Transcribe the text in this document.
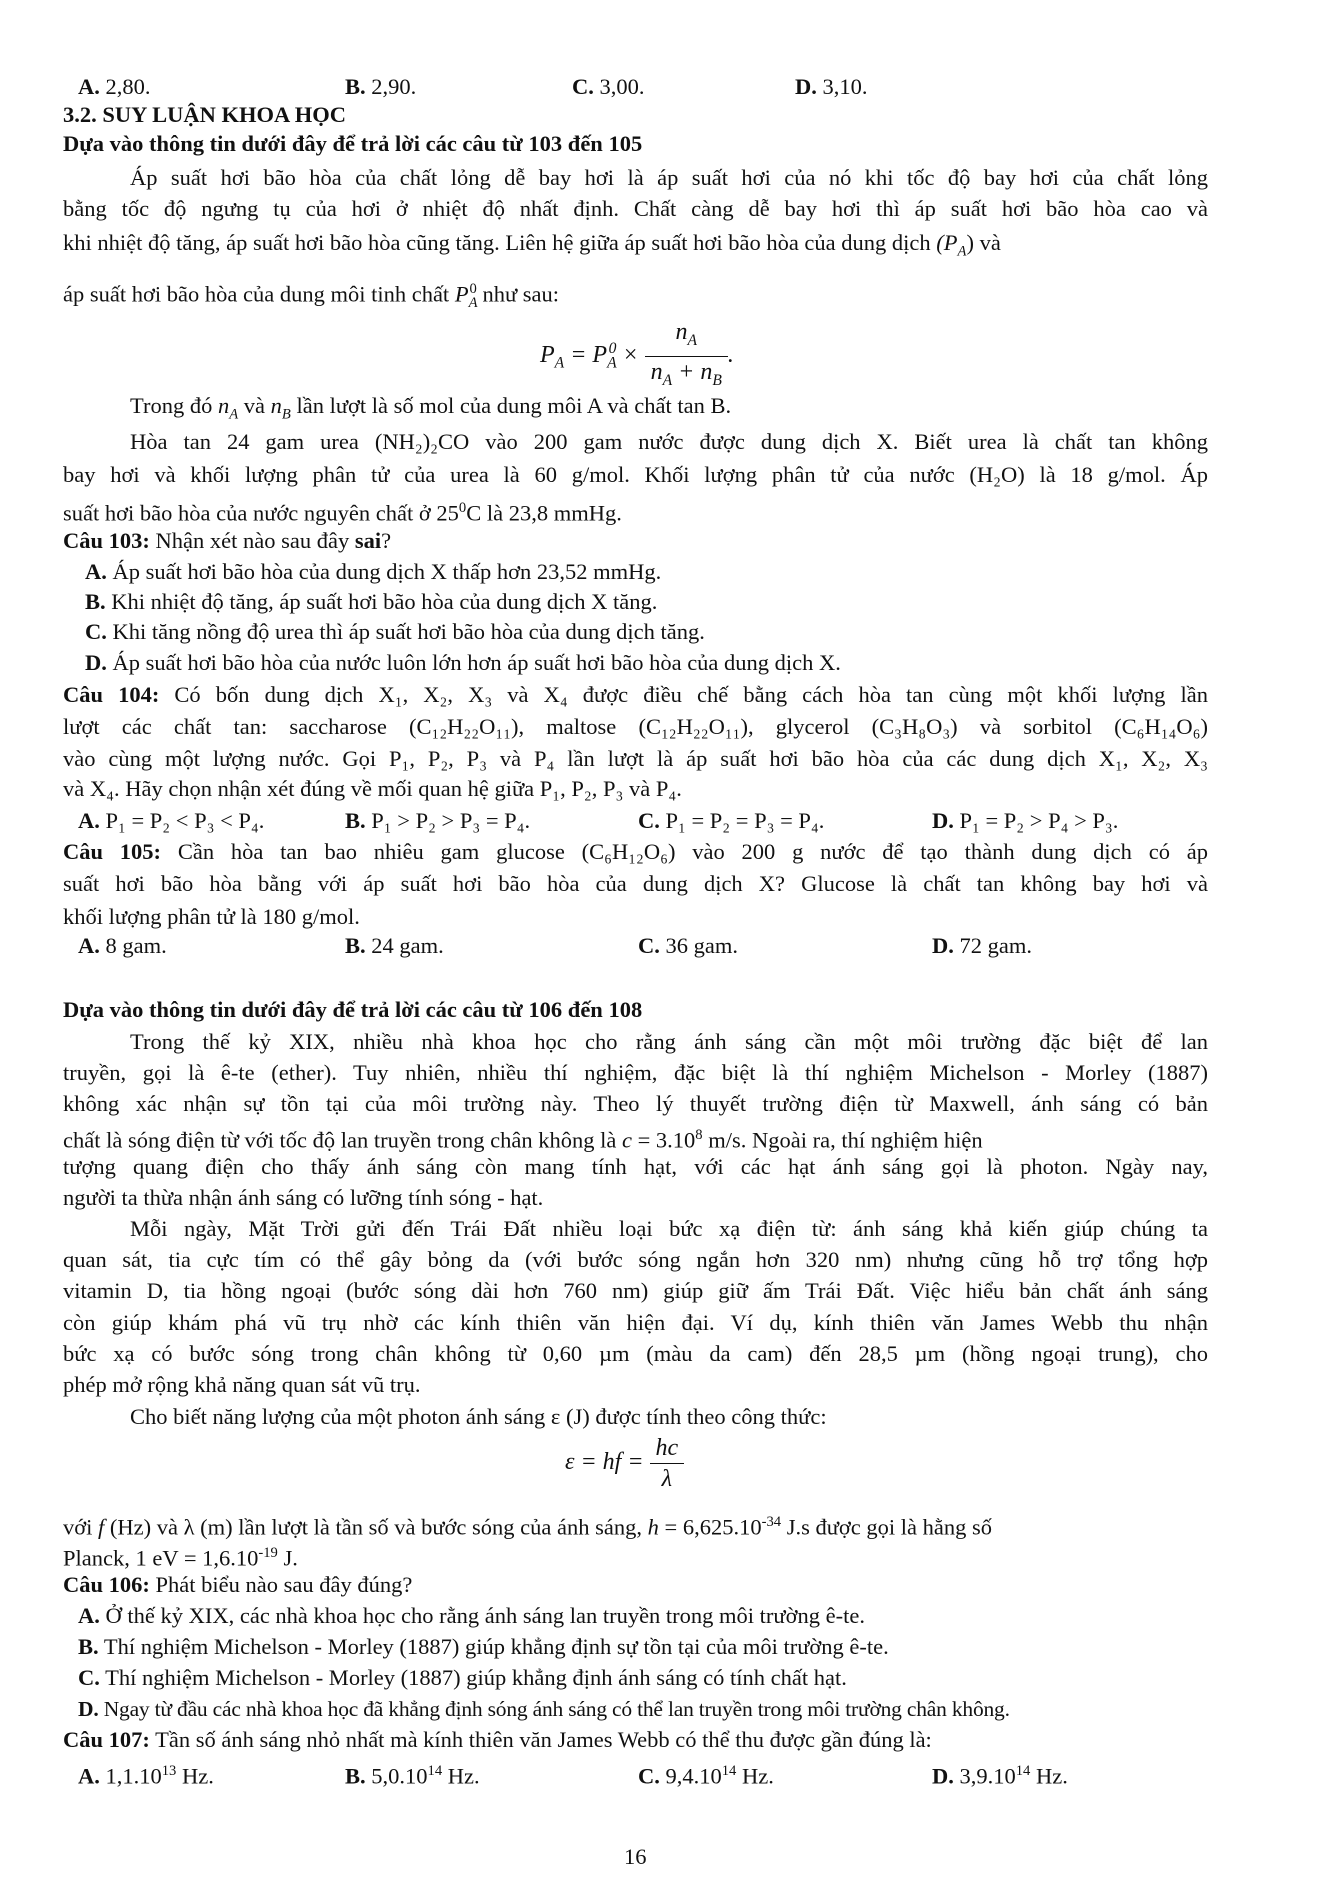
A. 2,80.	B. 2,90.	C. 3,00.	D. 3,10.
3.2. SUY LUẬN KHOA HỌC
Dựa vào thông tin dưới đây để trả lời các câu từ 103 đến 105
Áp suất hơi bão hòa của chất lỏng dễ bay hơi là áp suất hơi của nó khi tốc độ bay hơi của chất lỏng
bằng tốc độ ngưng tụ của hơi ở nhiệt độ nhất định. Chất càng dễ bay hơi thì áp suất hơi bão hòa cao và
khi nhiệt độ tăng, áp suất hơi bão hòa cũng tăng. Liên hệ giữa áp suất hơi bão hòa của dung dịch $(P_A)$ và
áp suất hơi bão hòa của dung môi tinh chất $P_A^0$ như sau:
$P_A = P_A^0 \times \frac{n_A}{n_A + n_B}$ .
Trong đó $n_A$ và $n_B$ lần lượt là số mol của dung môi A và chất tan B.
Hòa tan 24 gam urea (NH₂)₂CO vào 200 gam nước được dung dịch X. Biết urea là chất tan không
bay hơi và khối lượng phân tử của urea là 60 g/mol. Khối lượng phân tử của nước (H₂O) là 18 g/mol. Áp
suất hơi bão hòa của nước nguyên chất ở $25^0C$ là 23,8 mmHg.
Câu 103: Nhận xét nào sau đây sai?
A. Áp suất hơi bão hòa của dung dịch X thấp hơn 23,52 mmHg.
B. Khi nhiệt độ tăng, áp suất hơi bão hòa của dung dịch X tăng.
C. Khi tăng nồng độ urea thì áp suất hơi bão hòa của dung dịch tăng.
D. Áp suất hơi bão hòa của nước luôn lớn hơn áp suất hơi bão hòa của dung dịch X.
Câu 104: Có bốn dung dịch X₁, X₂, X₃ và X₄ được điều chế bằng cách hòa tan cùng một khối lượng lần
lượt các chất tan: saccharose (C₁₂H₂₂O₁₁), maltose (C₁₂H₂₂O₁₁), glycerol (C₃H₈O₃) và sorbitol (C₆H₁₄O₆)
vào cùng một lượng nước. Gọi P₁, P₂, P₃ và P₄ lần lượt là áp suất hơi bão hòa của các dung dịch X₁, X₂, X₃
và X₄. Hãy chọn nhận xét đúng về mối quan hệ giữa P₁, P₂, P₃ và P₄.
A. P₁ = P₂ < P₃ < P₄.	B. P₁ > P₂ > P₃ = P₄.	C. P₁ = P₂ = P₃ = P₄.	D. P₁ = P₂ > P₄ > P₃.
Câu 105: Cần hòa tan bao nhiêu gam glucose (C₆H₁₂O₆) vào 200 g nước để tạo thành dung dịch có áp
suất hơi bão hòa bằng với áp suất hơi bão hòa của dung dịch X? Glucose là chất tan không bay hơi và
khối lượng phân tử là 180 g/mol.
A. 8 gam.	B. 24 gam.	C. 36 gam.	D. 72 gam.
Dựa vào thông tin dưới đây để trả lời các câu từ 106 đến 108
Trong thế kỷ XIX, nhiều nhà khoa học cho rằng ánh sáng cần một môi trường đặc biệt để lan
truyền, gọi là ê-te (ether). Tuy nhiên, nhiều thí nghiệm, đặc biệt là thí nghiệm Michelson - Morley (1887)
không xác nhận sự tồn tại của môi trường này. Theo lý thuyết trường điện từ Maxwell, ánh sáng có bản
chất là sóng điện từ với tốc độ lan truyền trong chân không là $c = 3.10^8$ m/s. Ngoài ra, thí nghiệm hiện
tượng quang điện cho thấy ánh sáng còn mang tính hạt, với các hạt ánh sáng gọi là photon. Ngày nay,
người ta thừa nhận ánh sáng có lưỡng tính sóng - hạt.
Mỗi ngày, Mặt Trời gửi đến Trái Đất nhiều loại bức xạ điện từ: ánh sáng khả kiến giúp chúng ta
quan sát, tia cực tím có thể gây bỏng da (với bước sóng ngắn hơn 320 nm) nhưng cũng hỗ trợ tổng hợp
vitamin D, tia hồng ngoại (bước sóng dài hơn 760 nm) giúp giữ ấm Trái Đất. Việc hiểu bản chất ánh sáng
còn giúp khám phá vũ trụ nhờ các kính thiên văn hiện đại. Ví dụ, kính thiên văn James Webb thu nhận
bức xạ có bước sóng trong chân không từ 0,60 µm (màu da cam) đến 28,5 µm (hồng ngoại trung), cho
phép mở rộng khả năng quan sát vũ trụ.
Cho biết năng lượng của một photon ánh sáng ε (J) được tính theo công thức:
ε = hf = $\frac{hc}{\lambda}$
với f (Hz) và λ (m) lần lượt là tần số và bước sóng của ánh sáng, $h = 6,625.10^{-34}$ J.s được gọi là hằng số
Planck, 1 eV = $1,6.10^{-19}$ J.
Câu 106: Phát biểu nào sau đây đúng?
A. Ở thế kỷ XIX, các nhà khoa học cho rằng ánh sáng lan truyền trong môi trường ê-te.
B. Thí nghiệm Michelson - Morley (1887) giúp khẳng định sự tồn tại của môi trường ê-te.
C. Thí nghiệm Michelson - Morley (1887) giúp khẳng định ánh sáng có tính chất hạt.
D. Ngay từ đầu các nhà khoa học đã khẳng định sóng ánh sáng có thể lan truyền trong môi trường chân không.
Câu 107: Tần số ánh sáng nhỏ nhất mà kính thiên văn James Webb có thể thu được gần đúng là:
A. 1,1.10$^{13}$ Hz.	B. 5,0.10$^{14}$ Hz.	C. 9,4.10$^{14}$ Hz.	D. 3,9.10$^{14}$ Hz.
16
